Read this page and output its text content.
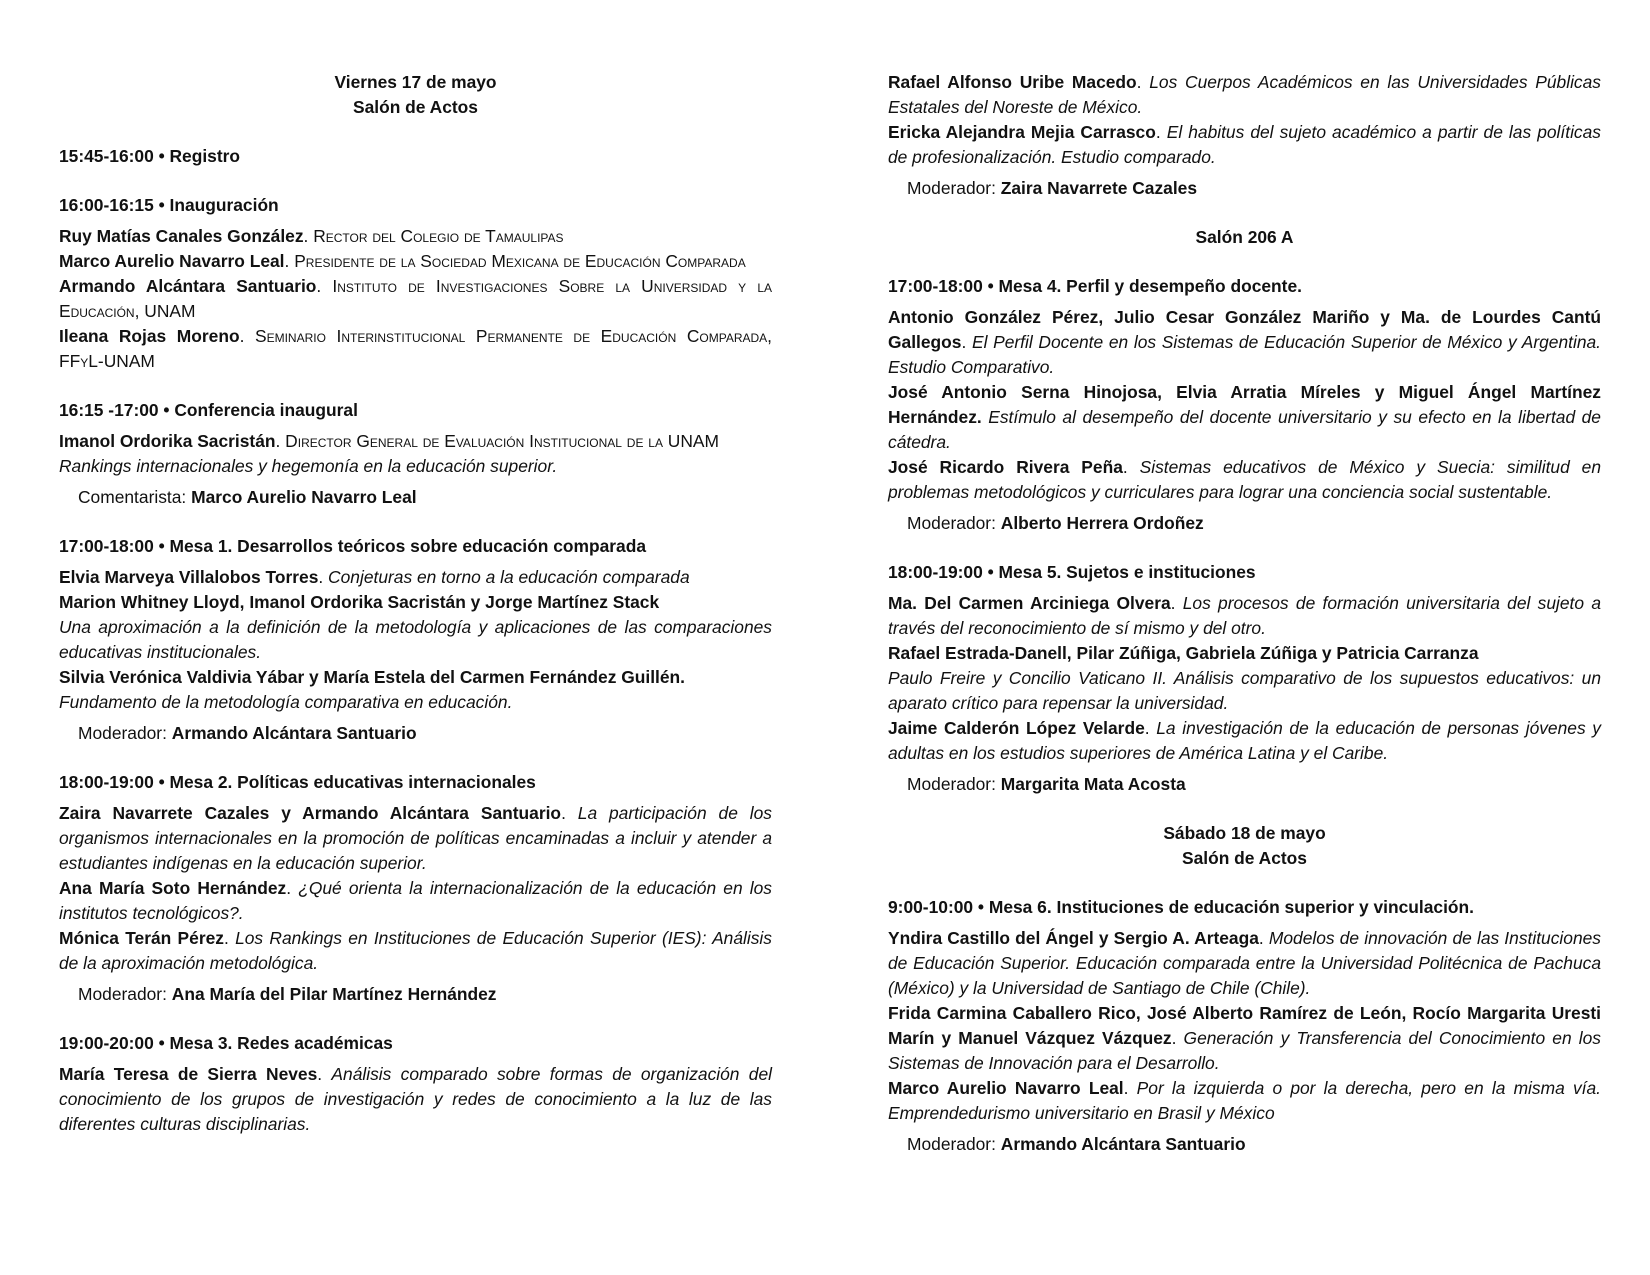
Viernes 17 de mayo
Salón de Actos
15:45-16:00 • Registro
16:00-16:15 • Inauguración
Ruy Matías Canales González. Rector del Colegio de Tamaulipas
Marco Aurelio Navarro Leal. Presidente de la Sociedad Mexicana de Educación Comparada
Armando Alcántara Santuario. Instituto de Investigaciones Sobre la Universidad y la Educación, UNAM
Ileana Rojas Moreno. Seminario Interinstitucional Permanente de Educación Comparada, FFyL-UNAM
16:15 -17:00 • Conferencia inaugural
Imanol Ordorika Sacristán. Director General de Evaluación Institucional de la UNAM
Rankings internacionales y hegemonía en la educación superior.
Comentarista: Marco Aurelio Navarro Leal
17:00-18:00 • Mesa 1. Desarrollos teóricos sobre educación comparada
Elvia Marveya Villalobos Torres. Conjeturas en torno a la educación comparada
Marion Whitney Lloyd, Imanol Ordorika Sacristán y Jorge Martínez Stack
Una aproximación a la definición de la metodología y aplicaciones de las comparaciones educativas institucionales.
Silvia Verónica Valdivia Yábar y María Estela del Carmen Fernández Guillén.
Fundamento de la metodología comparativa en educación.
Moderador: Armando Alcántara Santuario
18:00-19:00 • Mesa 2. Políticas educativas internacionales
Zaira Navarrete Cazales y Armando Alcántara Santuario. La participación de los organismos internacionales en la promoción de políticas encaminadas a incluir y atender a estudiantes indígenas en la educación superior.
Ana María Soto Hernández. ¿Qué orienta la internacionalización de la educación en los institutos tecnológicos?.
Mónica Terán Pérez. Los Rankings en Instituciones de Educación Superior (IES): Análisis de la aproximación metodológica.
Moderador: Ana María del Pilar Martínez Hernández
19:00-20:00 • Mesa 3. Redes académicas
María Teresa de Sierra Neves. Análisis comparado sobre formas de organización del conocimiento de los grupos de investigación y redes de conocimiento a la luz de las diferentes culturas disciplinarias.
Rafael Alfonso Uribe Macedo. Los Cuerpos Académicos en las Universidades Públicas Estatales del Noreste de México.
Ericka Alejandra Mejia Carrasco. El habitus del sujeto académico a partir de las políticas de profesionalización. Estudio comparado.
Moderador: Zaira Navarrete Cazales
Salón 206 A
17:00-18:00 • Mesa 4. Perfil y desempeño docente.
Antonio González Pérez, Julio Cesar González Mariño y Ma. de Lourdes Cantú Gallegos. El Perfil Docente en los Sistemas de Educación Superior de México y Argentina. Estudio Comparativo.
José Antonio Serna Hinojosa, Elvia Arratia Míreles y Miguel Ángel Martínez Hernández. Estímulo al desempeño del docente universitario y su efecto en la libertad de cátedra.
José Ricardo Rivera Peña. Sistemas educativos de México y Suecia: similitud en problemas metodológicos y curriculares para lograr una conciencia social sustentable.
Moderador: Alberto Herrera Ordoñez
18:00-19:00 • Mesa 5. Sujetos e instituciones
Ma. Del Carmen Arciniega Olvera. Los procesos de formación universitaria del sujeto a través del reconocimiento de sí mismo y del otro.
Rafael Estrada-Danell, Pilar Zúñiga, Gabriela Zúñiga y Patricia Carranza
Paulo Freire y Concilio Vaticano II. Análisis comparativo de los supuestos educativos: un aparato crítico para repensar la universidad.
Jaime Calderón López Velarde. La investigación de la educación de personas jóvenes y adultas en los estudios superiores de América Latina y el Caribe.
Moderador: Margarita Mata Acosta
Sábado 18 de mayo
Salón de Actos
9:00-10:00 • Mesa 6. Instituciones de educación superior y vinculación.
Yndira Castillo del Ángel y Sergio A. Arteaga. Modelos de innovación de las Instituciones de Educación Superior. Educación comparada entre la Universidad Politécnica de Pachuca (México) y la Universidad de Santiago de Chile (Chile).
Frida Carmina Caballero Rico, José Alberto Ramírez de León, Rocío Margarita Uresti Marín y Manuel Vázquez Vázquez. Generación y Transferencia del Conocimiento en los Sistemas de Innovación para el Desarrollo.
Marco Aurelio Navarro Leal. Por la izquierda o por la derecha, pero en la misma vía. Emprendedurismo universitario en Brasil y México
Moderador: Armando Alcántara Santuario
